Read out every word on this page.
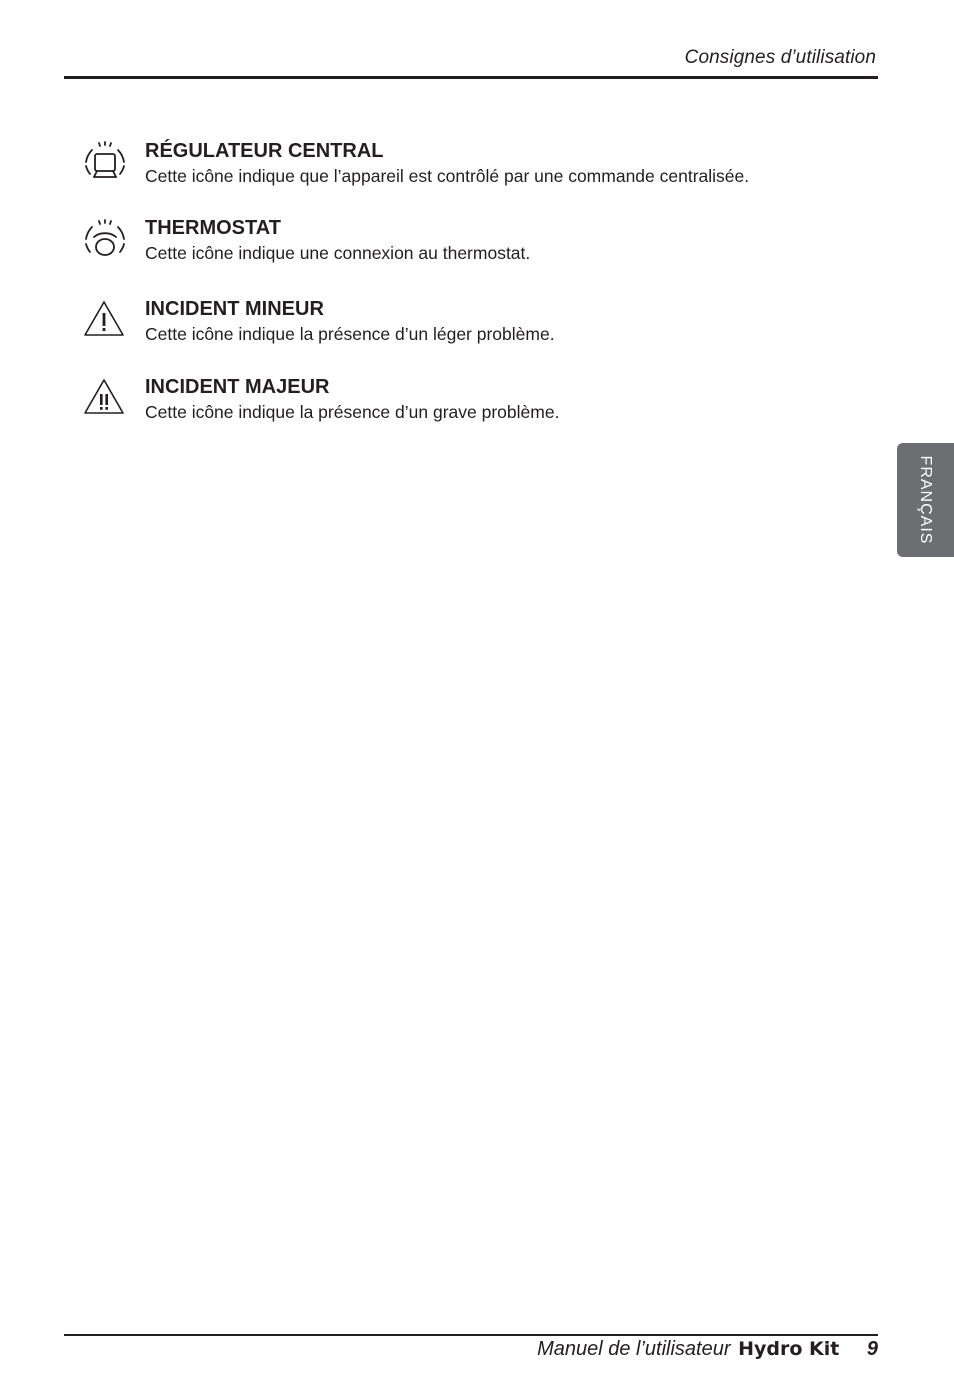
Consignes d’utilisation
RÉGULATEUR CENTRAL
Cette icône indique que l’appareil est contrôlé par une commande centralisée.
THERMOSTAT
Cette icône indique une connexion au thermostat.
INCIDENT MINEUR
Cette icône indique la présence d’un léger problème.
INCIDENT MAJEUR
Cette icône indique la présence d’un grave problème.
FRANÇAIS
Manuel de l’utilisateur Hydro Kit 9
